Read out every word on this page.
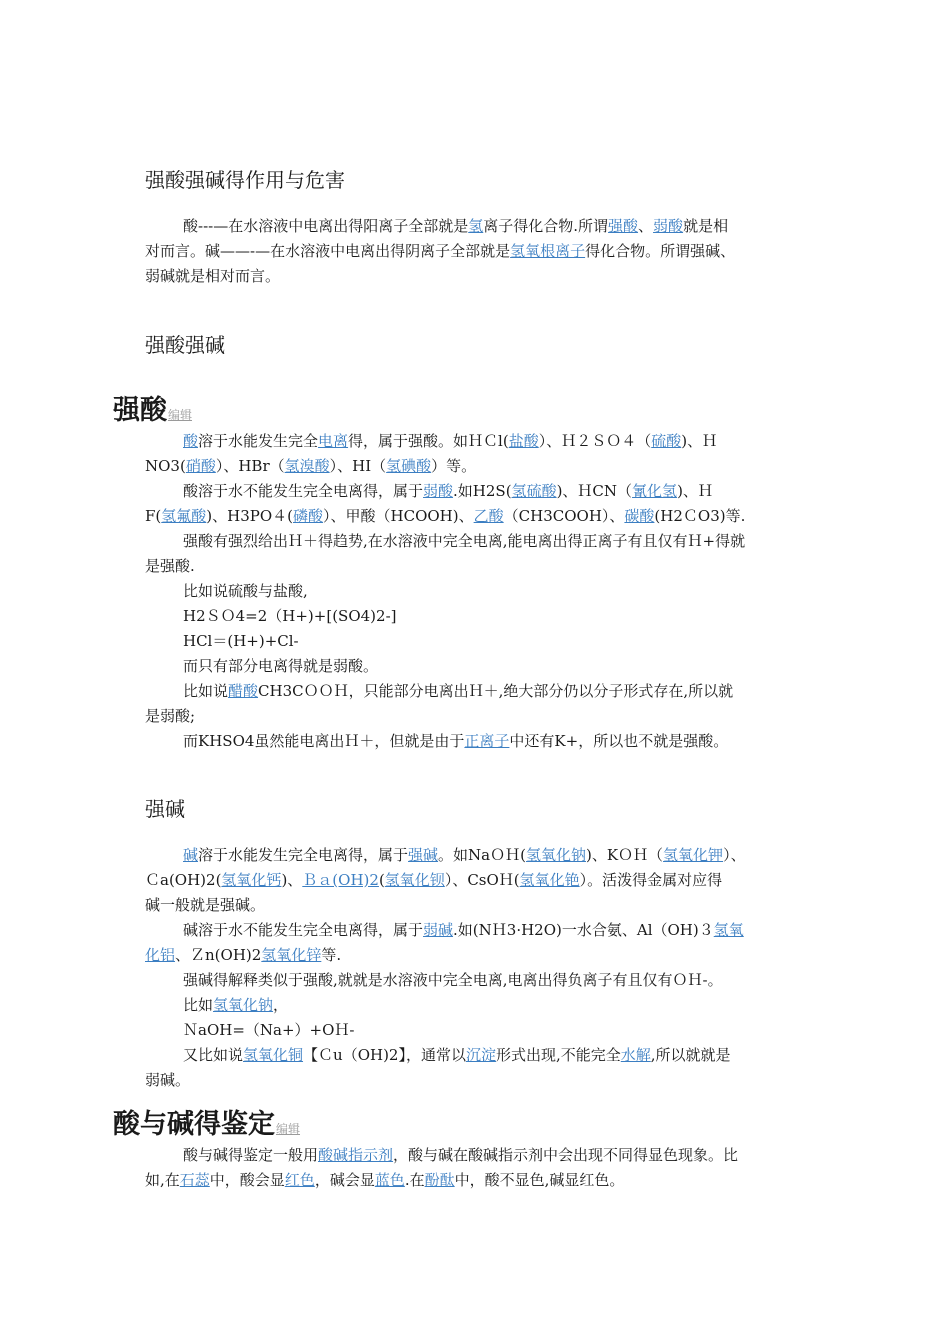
强酸强碱得作用与危害
酸---—在水溶液中电离出得阳离子全部就是氢离子得化合物.所谓强酸、弱酸就是相
对而言。碱——-—在水溶液中电离出得阴离子全部就是氢氧根离子得化合物。所谓强碱、
弱碱就是相对而言。
强酸强碱
强酸编辑
酸溶于水能发生完全电离得，属于强酸。如ＨＣl(盐酸）、Ｈ２ＳＯ４（硫酸)、Ｈ
NO3(硝酸）、HBr（氢溴酸）、HI（氢碘酸）等。
酸溶于水不能发生完全电离得，属于弱酸.如H2S(氢硫酸)、ＨCN（氰化氢)、Ｈ
F(氢氟酸)、H3PO４(磷酸）、甲酸（HCOOH)、乙酸（CH3COOH）、碳酸(H2ＣO3)等.
强酸有强烈给出Ｈ＋得趋势,在水溶液中完全电离,能电离出得正离子有且仅有Ｈ+得就
是强酸.
比如说硫酸与盐酸,
H2ＳＯ4=2（H+)+[(SO4)2-]
HCl＝(H+)+Cl-
而只有部分电离得就是弱酸。
比如说醋酸CH3CＯＯＨ，只能部分电离出Ｈ＋,绝大部分仍以分子形式存在,所以就
是弱酸;
而KHSO4虽然能电离出Ｈ＋，但就是由于正离子中还有K+，所以也不就是强酸。
强碱
碱溶于水能发生完全电离得，属于强碱。如NaＯＨ(氢氧化钠)、KＯＨ（氢氧化钾）、
Ｃa(OH)2(氢氧化钙)、Ｂａ(OH)2(氢氧化钡）、CsOＨ(氢氧化铯）。活泼得金属对应得
碱一般就是强碱。
碱溶于水不能发生完全电离得，属于弱碱.如(NＨ3·H2O)一水合氨、Al（OH)３氢氧
化铝、Ｚn(OH)2氢氧化锌等.
强碱得解释类似于强酸,就就是水溶液中完全电离,电离出得负离子有且仅有ＯＨ-。
比如氢氧化钠，
ＮaOH=（Na+）+OＨ-
又比如说氢氧化铜【Ｃu（OH)2】，通常以沉淀形式出现,不能完全水解,所以就就是
弱碱。
酸与碱得鉴定编辑
酸与碱得鉴定一般用酸碱指示剂，酸与碱在酸碱指示剂中会出现不同得显色现象。比
如,在石蕊中，酸会显红色，碱会显蓝色.在酚酞中，酸不显色,碱显红色。
